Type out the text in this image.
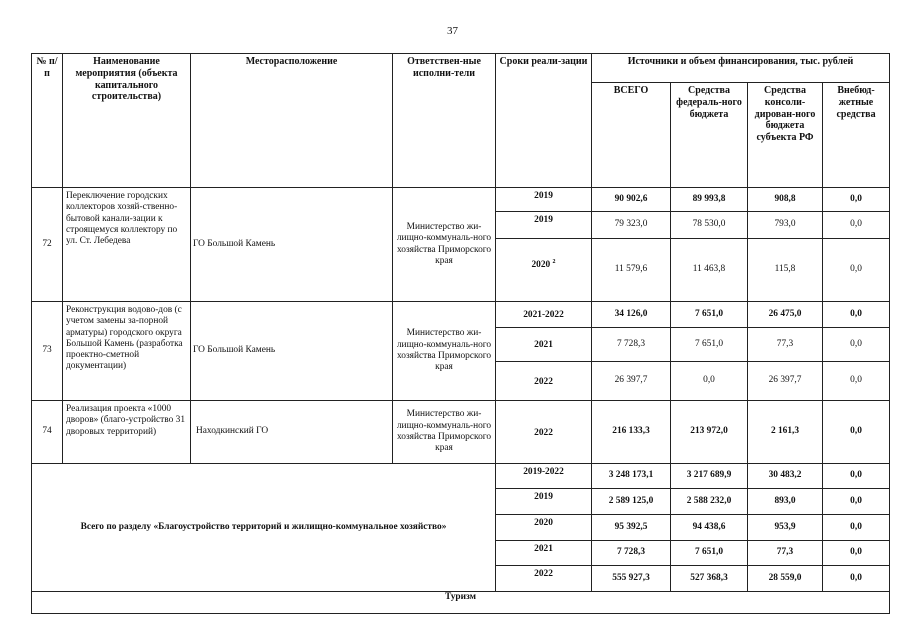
37
№ п/п	Наименование мероприятия (объекта капитального строительства)	Месторасположение	Ответствен-ные исполни-тели	Сроки реали-зации	Источники и объем финансирования, тыс. рублей			
					ВСЕГО	Средства федераль-ного бюджета	Средства консоли-дирован-ного бюджета субъекта РФ	Внебюд-жетные средства
72	Переключение городских коллекторов хозяй-ственно-бытовой канали-зации к строящемуся коллектору по ул. Ст. Лебедева	ГО Большой Камень	Министерство жи-лищно-коммуналь-ного хозяйства Приморского края	2019	90 902,6	89 993,8	908,8	0,0
				2019	79 323,0	78 530,0	793,0	0,0
				2020 $^2$	11 579,6	11 463,8	115,8	0,0
73	Реконструкция водово-дов (с учетом замены за-порной арматуры) городского округа Большой Камень (разработка проектно-сметной документации)	ГО Большой Камень	Министерство жи-лищно-коммуналь-ного хозяйства Приморского края	2021-2022	34 126,0	7 651,0	26 475,0	0,0
				2021	7 728,3	7 651,0	77,3	0,0
				2022	26 397,7	0,0	26 397,7	0,0
74	Реализация проекта «1000 дворов» (благо-устройство 31 дворовых территорий)	Находкинский ГО	Министерство жи-лищно-коммуналь-ного хозяйства Приморского края	2022	216 133,3	213 972,0	2 161,3	0,0
Всего по разделу «Благоустройство территорий и жилищно-коммунальное хозяйство»				2019-2022	3 248 173,1	3 217 689,9	30 483,2	0,0
				2019	2 589 125,0	2 588 232,0	893,0	0,0
				2020	95 392,5	94 438,6	953,9	0,0
				2021	7 728,3	7 651,0	77,3	0,0
				2022	555 927,3	527 368,3	28 559,0	0,0
Туризм								
